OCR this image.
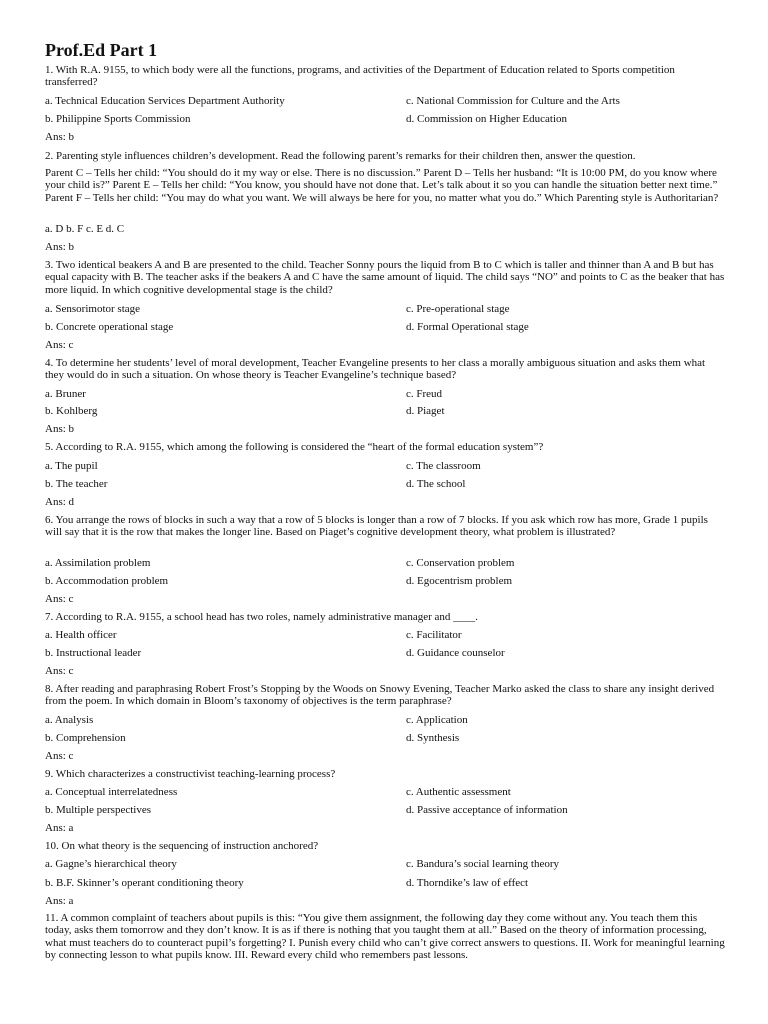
Prof.Ed Part 1

1. With R.A. 9155, to which body were all the functions, programs, and activities of the Department of Education related to Sports competition transferred?

a. Technical Education Services Department Authority	c. National Commission for Culture and the Arts
b. Philippine Sports Commission	d. Commission on Higher Education

Ans: b

2. Parenting style influences children’s development. Read the following parent’s remarks for their children then, answer the question.

Parent C – Tells her child: “You should do it my way or else. There is no discussion.” Parent D – Tells her husband: “It is 10:00 PM, do you know where your child is?” Parent E – Tells her child: “You know, you should have not done that. Let’s talk about it so you can handle the situation better next time.” Parent F – Tells her child: “You may do what you want. We will always be here for you, no matter what you do.” Which Parenting style is Authoritarian?

a. D b. F c. E d. C

Ans: b

3. Two identical beakers A and B are presented to the child. Teacher Sonny pours the liquid from B to C which is taller and thinner than A and B but has equal capacity with B. The teacher asks if the beakers A and C have the same amount of liquid. The child says “NO” and points to C as the beaker that has more liquid. In which cognitive developmental stage is the child?

a. Sensorimotor stage	c. Pre-operational stage
b. Concrete operational stage	d. Formal Operational stage

Ans: c

4. To determine her students’ level of moral development, Teacher Evangeline presents to her class a morally ambiguous situation and asks them what they would do in such a situation. On whose theory is Teacher Evangeline’s technique based?

a. Bruner	c. Freud
b. Kohlberg	d. Piaget

Ans: b

5. According to R.A. 9155, which among the following is considered the “heart of the formal education system”?

a. The pupil	c. The classroom
b. The teacher	d. The school

Ans: d

6. You arrange the rows of blocks in such a way that a row of 5 blocks is longer than a row of 7 blocks. If you ask which row has more, Grade 1 pupils will say that it is the row that makes the longer line. Based on Piaget’s cognitive development theory, what problem is illustrated?

a. Assimilation problem	c. Conservation problem
b. Accommodation problem	d. Egocentrism problem

Ans: c

7. According to R.A. 9155, a school head has two roles, namely administrative manager and ____.

a. Health officer	c. Facilitator
b. Instructional leader	d. Guidance counselor

Ans: c

8. After reading and paraphrasing Robert Frost’s Stopping by the Woods on Snowy Evening, Teacher Marko asked the class to share any insight derived from the poem. In which domain in Bloom’s taxonomy of objectives is the term paraphrase?

a. Analysis	c. Application
b. Comprehension	d. Synthesis

Ans: c

9. Which characterizes a constructivist teaching-learning process?

a. Conceptual interrelatedness	c. Authentic assessment
b. Multiple perspectives	d. Passive acceptance of information

Ans: a

10. On what theory is the sequencing of instruction anchored?

a. Gagne’s hierarchical theory	c. Bandura’s social learning theory
b. B.F. Skinner’s operant conditioning theory	d. Thorndike’s law of effect

Ans: a

11. A common complaint of teachers about pupils is this: “You give them assignment, the following day they come without any. You teach them this today, asks them tomorrow and they don’t know. It is as if there is nothing that you taught them at all.” Based on the theory of information processing, what must teachers do to counteract pupil’s forgetting? I. Punish every child who can’t give correct answers to questions. II. Work for meaningful learning by connecting lesson to what pupils know. III. Reward every child who remembers past lessons.
